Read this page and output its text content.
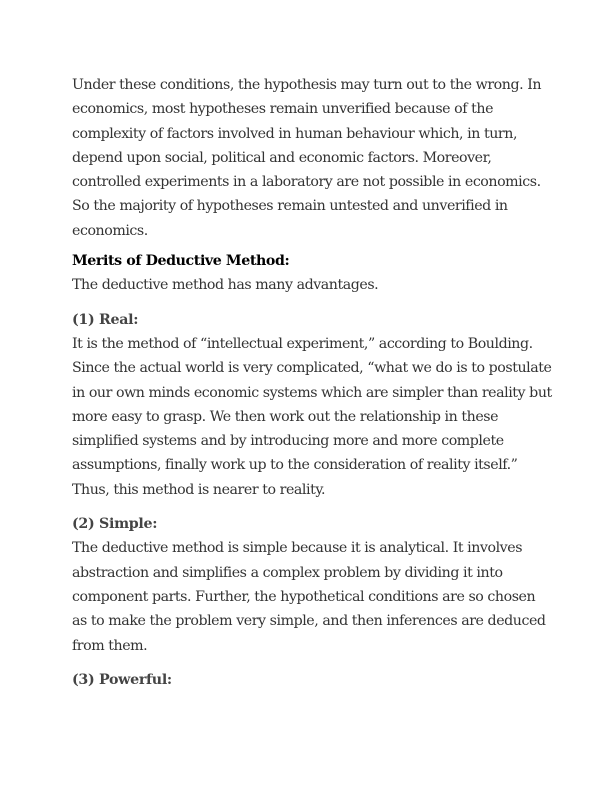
Under these conditions, the hypothesis may turn out to the wrong. In
economics, most hypotheses remain unverified because of the
complexity of factors involved in human behaviour which, in turn,
depend upon social, political and economic factors. Moreover,
controlled experiments in a laboratory are not possible in economics.
So the majority of hypotheses remain untested and unverified in
economics.

Merits of Deductive Method:

The deductive method has many advantages.

(1) Real:

It is the method of “intellectual experiment,” according to Boulding.
Since the actual world is very complicated, “what we do is to postulate
in our own minds economic systems which are simpler than reality but
more easy to grasp. We then work out the relationship in these
simplified systems and by introducing more and more complete
assumptions, finally work up to the consideration of reality itself.”
Thus, this method is nearer to reality.

(2) Simple:

The deductive method is simple because it is analytical. It involves
abstraction and simplifies a complex problem by dividing it into
component parts. Further, the hypothetical conditions are so chosen
as to make the problem very simple, and then inferences are deduced
from them.

(3) Powerful:
